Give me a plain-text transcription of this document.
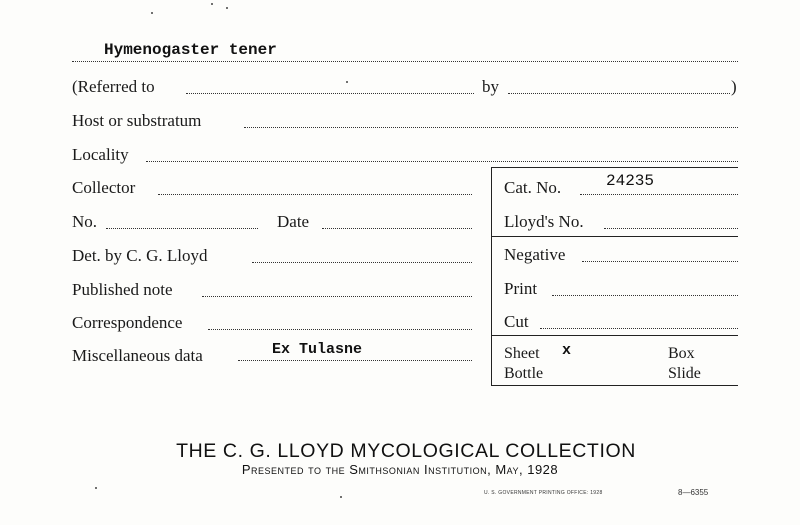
Hymenogaster tener
(Referred to	by	)
Host or substratum
Locality
Collector
No.	Date
Det. by C. G. Lloyd
Published note
Correspondence
Miscellaneous data	Ex Tulasne
Cat. No.	24235
Lloyd's No.
Negative
Print
Cut
Sheet x	Box
Bottle	Slide
THE C. G. LLOYD MYCOLOGICAL COLLECTION
Presented to the Smithsonian Institution, May, 1928
U. S. GOVERNMENT PRINTING OFFICE: 1928	8—6355
